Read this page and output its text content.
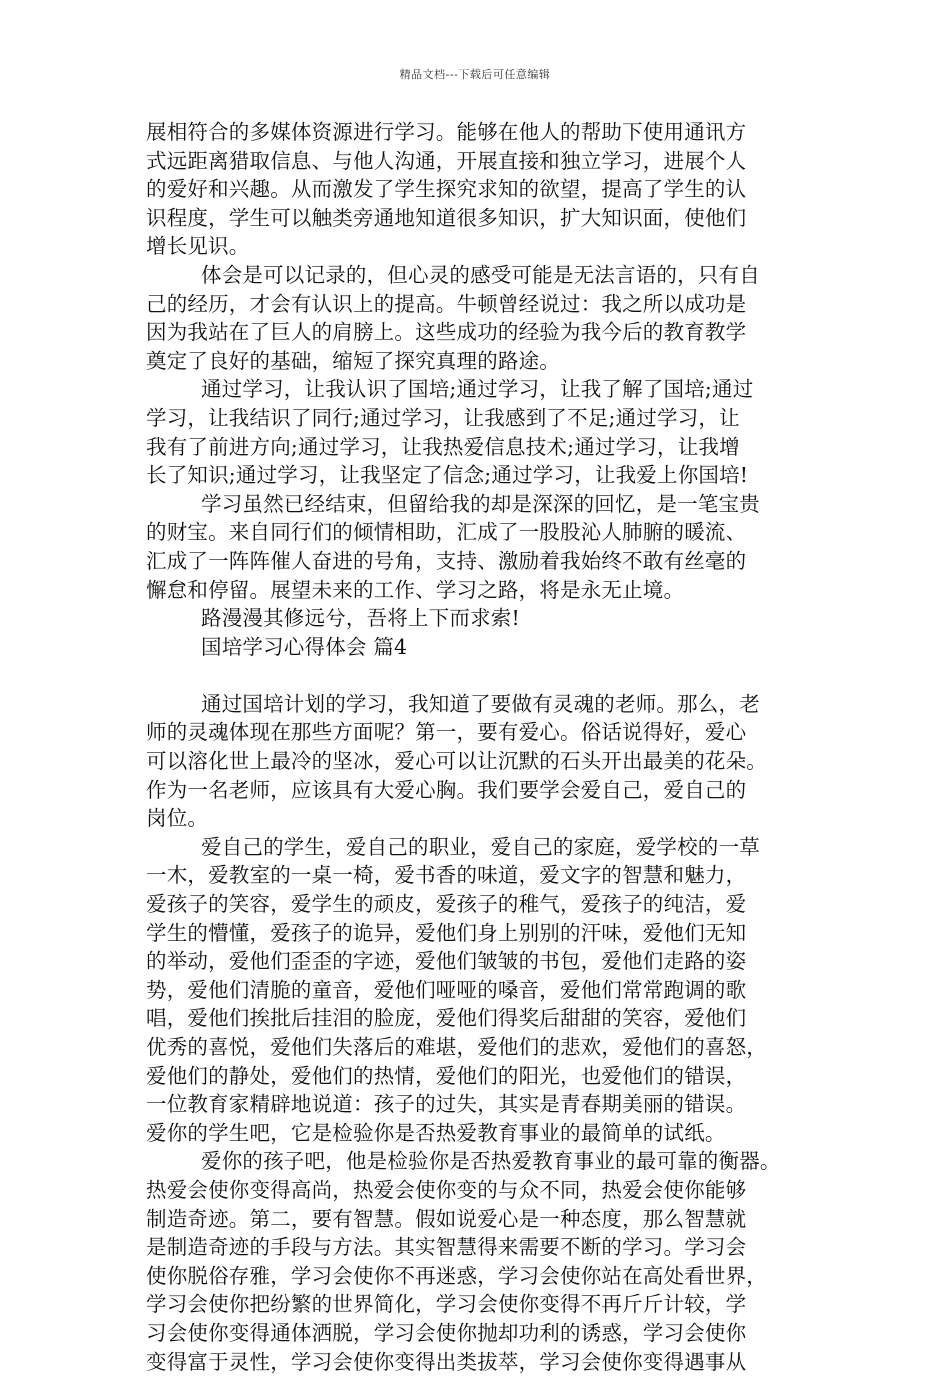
精品文档---下载后可任意编辑
展相符合的多媒体资源进行学习。能够在他人的帮助下使用通讯方
式远距离猎取信息、与他人沟通，开展直接和独立学习，进展个人
的爱好和兴趣。从而激发了学生探究求知的欲望，提高了学生的认
识程度，学生可以触类旁通地知道很多知识，扩大知识面，使他们
增长见识。
体会是可以记录的，但心灵的感受可能是无法言语的，只有自
己的经历，才会有认识上的提高。牛顿曾经说过：我之所以成功是
因为我站在了巨人的肩膀上。这些成功的经验为我今后的教育教学
奠定了良好的基础，缩短了探究真理的路途。
通过学习，让我认识了国培;通过学习，让我了解了国培;通过
学习，让我结识了同行;通过学习，让我感到了不足;通过学习，让
我有了前进方向;通过学习，让我热爱信息技术;通过学习，让我增
长了知识;通过学习，让我坚定了信念;通过学习，让我爱上你国培!
学习虽然已经结束，但留给我的却是深深的回忆，是一笔宝贵
的财宝。来自同行们的倾情相助，汇成了一股股沁人肺腑的暖流、
汇成了一阵阵催人奋进的号角，支持、激励着我始终不敢有丝毫的
懈怠和停留。展望未来的工作、学习之路，将是永无止境。
路漫漫其修远兮，吾将上下而求索!
国培学习心得体会 篇4
通过国培计划的学习，我知道了要做有灵魂的老师。那么，老
师的灵魂体现在那些方面呢？第一，要有爱心。俗话说得好，爱心
可以溶化世上最冷的坚冰，爱心可以让沉默的石头开出最美的花朵。
作为一名老师，应该具有大爱心胸。我们要学会爱自己，爱自己的
岗位。
爱自己的学生，爱自己的职业，爱自己的家庭，爱学校的一草
一木，爱教室的一桌一椅，爱书香的味道，爱文字的智慧和魅力，
爱孩子的笑容，爱学生的顽皮，爱孩子的稚气，爱孩子的纯洁，爱
学生的懵懂，爱孩子的诡异，爱他们身上别别的汗味，爱他们无知
的举动，爱他们歪歪的字迹，爱他们皱皱的书包，爱他们走路的姿
势，爱他们清脆的童音，爱他们哑哑的嗓音，爱他们常常跑调的歌
唱，爱他们挨批后挂泪的脸庞，爱他们得奖后甜甜的笑容，爱他们
优秀的喜悦，爱他们失落后的难堪，爱他们的悲欢，爱他们的喜怒，
爱他们的静处，爱他们的热情，爱他们的阳光，也爱他们的错误，
一位教育家精辟地说道：孩子的过失，其实是青春期美丽的错误。
爱你的学生吧，它是检验你是否热爱教育事业的最简单的试纸。
爱你的孩子吧，他是检验你是否热爱教育事业的最可靠的衡器。
热爱会使你变得高尚，热爱会使你变的与众不同，热爱会使你能够
制造奇迹。第二，要有智慧。假如说爱心是一种态度，那么智慧就
是制造奇迹的手段与方法。其实智慧得来需要不断的学习。学习会
使你脱俗存雅，学习会使你不再迷惑，学习会使你站在高处看世界，
学习会使你把纷繁的世界简化，学习会使你变得不再斤斤计较，学
习会使你变得通体洒脱，学习会使你抛却功利的诱惑，学习会使你
变得富于灵性，学习会使你变得出类拔萃，学习会使你变得遇事从
